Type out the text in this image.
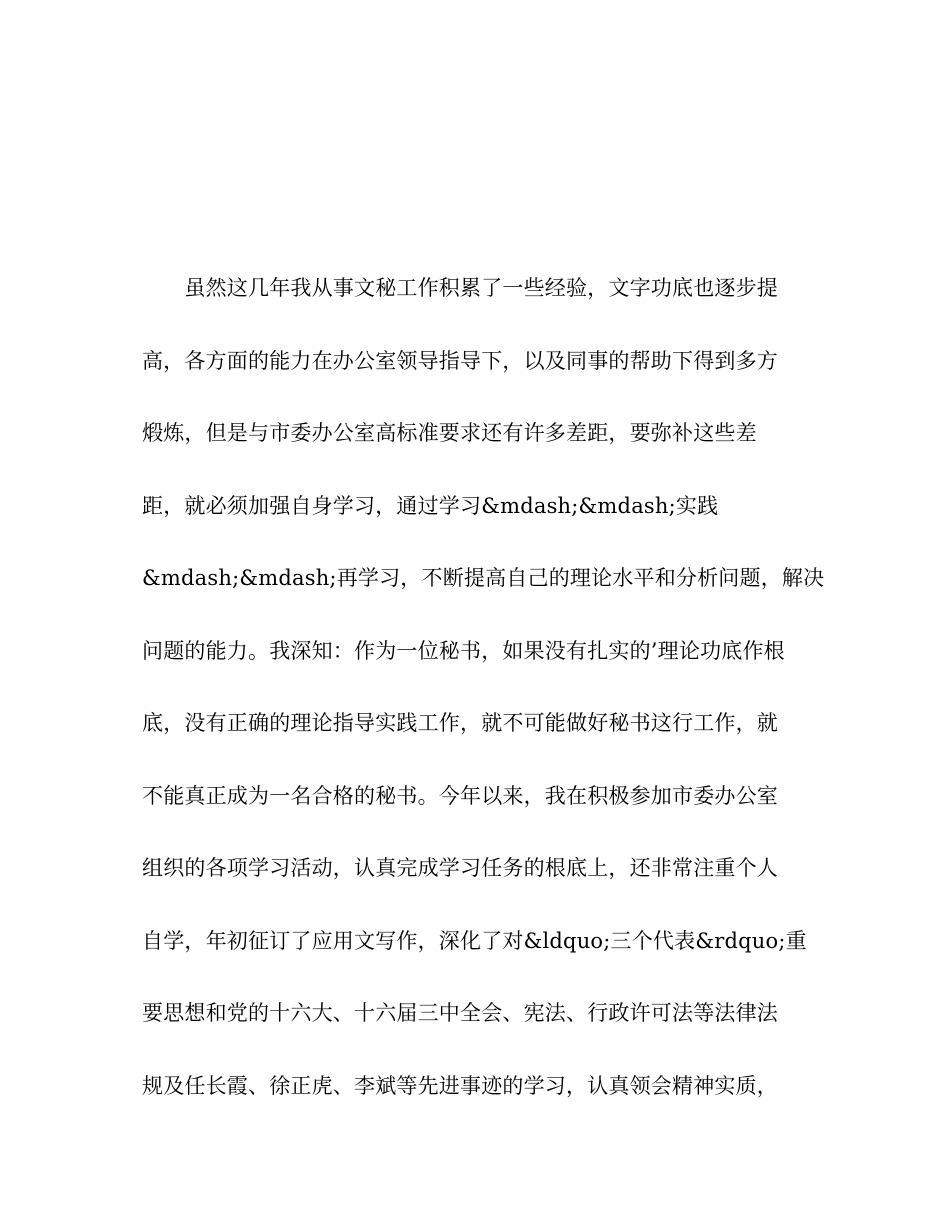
　　虽然这几年我从事文秘工作积累了一些经验，文字功底也逐步提
高，各方面的能力在办公室领导指导下，以及同事的帮助下得到多方
煅炼，但是与市委办公室高标准要求还有许多差距，要弥补这些差
距，就必须加强自身学习，通过学习&mdash;&mdash;实践
&mdash;&mdash;再学习，不断提高自己的理论水平和分析问题，解决
问题的能力。我深知：作为一位秘书，如果没有扎实的’理论功底作根
底，没有正确的理论指导实践工作，就不可能做好秘书这行工作，就
不能真正成为一名合格的秘书。今年以来，我在积极参加市委办公室
组织的各项学习活动，认真完成学习任务的根底上，还非常注重个人
自学，年初征订了应用文写作，深化了对&ldquo;三个代表&rdquo;重
要思想和党的十六大、十六届三中全会、宪法、行政许可法等法律法
规及任长霞、徐正虎、李斌等先进事迹的学习，认真领会精神实质，
